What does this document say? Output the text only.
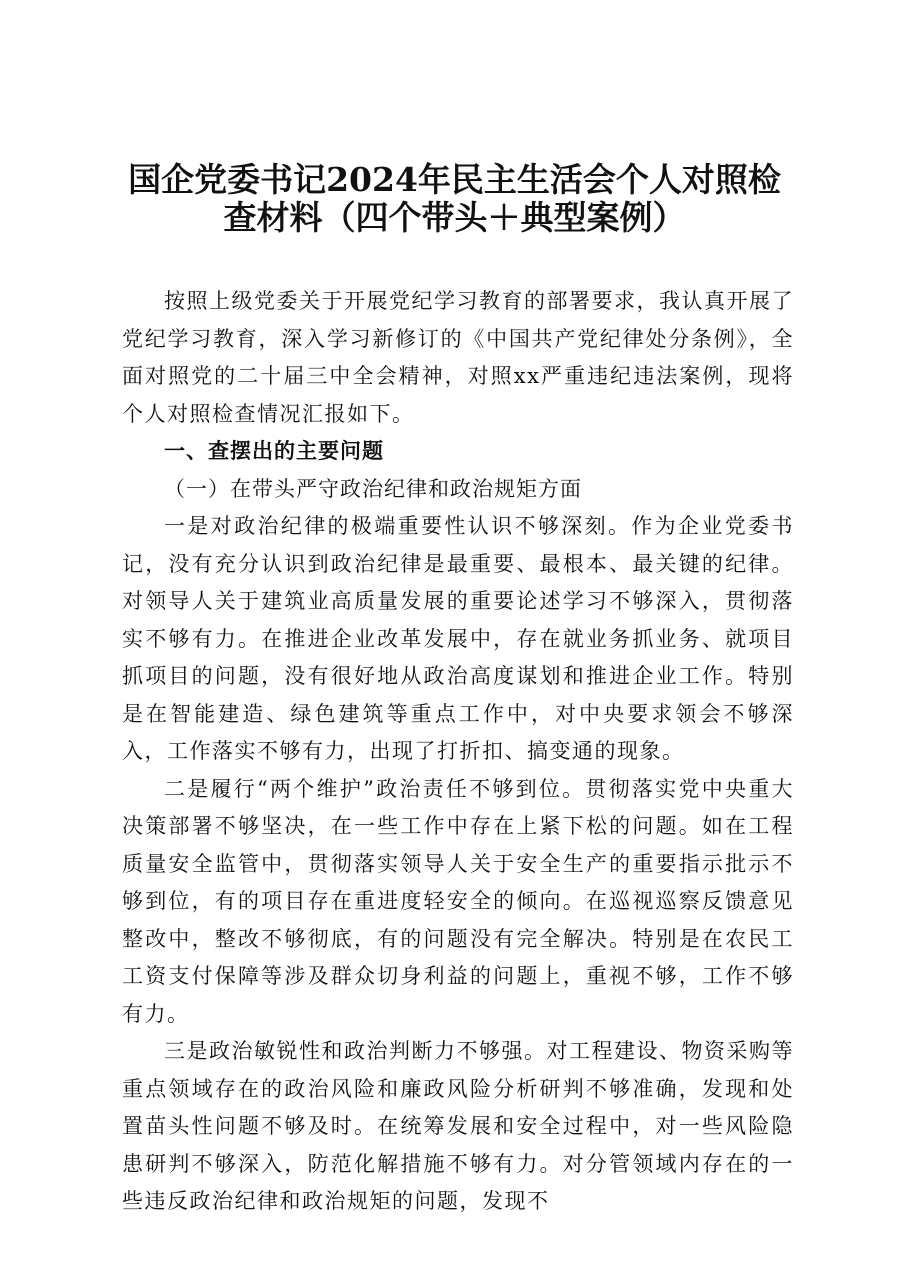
国企党委书记2024年民主生活会个人对照检
查材料（四个带头＋典型案例）

按照上级党委关于开展党纪学习教育的部署要求，我认真开展了党纪学习教育，深入学习新修订的《中国共产党纪律处分条例》，全面对照党的二十届三中全会精神，对照xx严重违纪违法案例，现将个人对照检查情况汇报如下。

一、查摆出的主要问题

（一）在带头严守政治纪律和政治规矩方面

一是对政治纪律的极端重要性认识不够深刻。作为企业党委书记，没有充分认识到政治纪律是最重要、最根本、最关键的纪律。对领导人关于建筑业高质量发展的重要论述学习不够深入，贯彻落实不够有力。在推进企业改革发展中，存在就业务抓业务、就项目抓项目的问题，没有很好地从政治高度谋划和推进企业工作。特别是在智能建造、绿色建筑等重点工作中，对中央要求领会不够深入，工作落实不够有力，出现了打折扣、搞变通的现象。

二是履行“两个维护”政治责任不够到位。贯彻落实党中央重大决策部署不够坚决，在一些工作中存在上紧下松的问题。如在工程质量安全监管中，贯彻落实领导人关于安全生产的重要指示批示不够到位，有的项目存在重进度轻安全的倾向。在巡视巡察反馈意见整改中，整改不够彻底，有的问题没有完全解决。特别是在农民工工资支付保障等涉及群众切身利益的问题上，重视不够，工作不够有力。

三是政治敏锐性和政治判断力不够强。对工程建设、物资采购等重点领域存在的政治风险和廉政风险分析研判不够准确，发现和处置苗头性问题不够及时。在统筹发展和安全过程中，对一些风险隐患研判不够深入，防范化解措施不够有力。对分管领域内存在的一些违反政治纪律和政治规矩的问题，发现不
